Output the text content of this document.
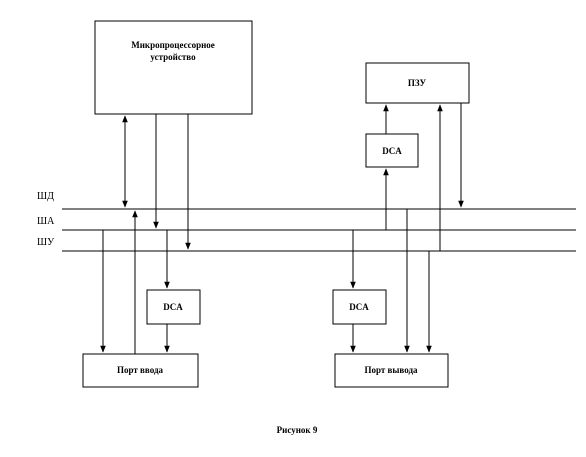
Микропроцессорное
устройство
ПЗУ
DCA
DCA	DCA
Порт ввода	Порт вывода
ШД
ША
ШУ
Рисунок 9
